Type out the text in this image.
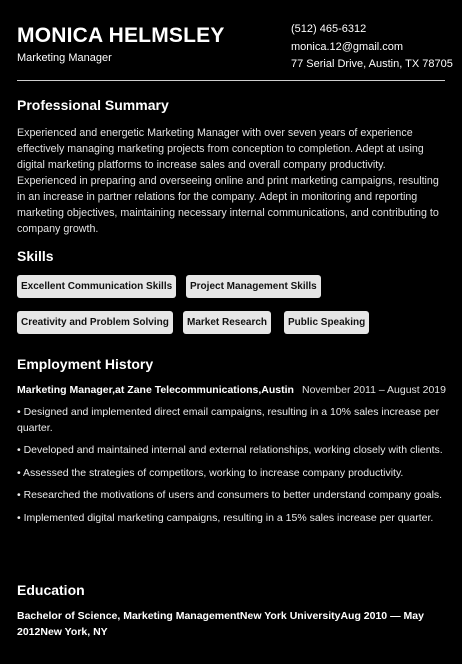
MONICA HELMSLEY
Marketing Manager
(512) 465-6312
monica.12@gmail.com
77 Serial Drive, Austin, TX 78705
Professional Summary

Experienced and energetic Marketing Manager with over seven years of experience effectively managing marketing projects from conception to completion. Adept at using digital marketing platforms to increase sales and overall company productivity. Experienced in preparing and overseeing online and print marketing campaigns, resulting in an increase in partner relations for the company. Adept in monitoring and reporting marketing objectives, maintaining necessary internal communications, and contributing to company growth.

Skills
Excellent Communication Skills	Project Management Skills
Creativity and Problem Solving	Market Research	Public Speaking
Employment History
Marketing Manager,at Zane Telecommunications,Austin November 2011 – August 2019
• Designed and implemented direct email campaigns, resulting in a 10% sales increase per quarter.
• Developed and maintained internal and external relationships, working closely with clients.
• Assessed the strategies of competitors, working to increase company productivity.
• Researched the motivations of users and consumers to better understand company goals.
• Implemented digital marketing campaigns, resulting in a 15% sales increase per quarter.
Education
Bachelor of Science, Marketing ManagementNew York UniversityAug 2010 — May 2012New York, NY
